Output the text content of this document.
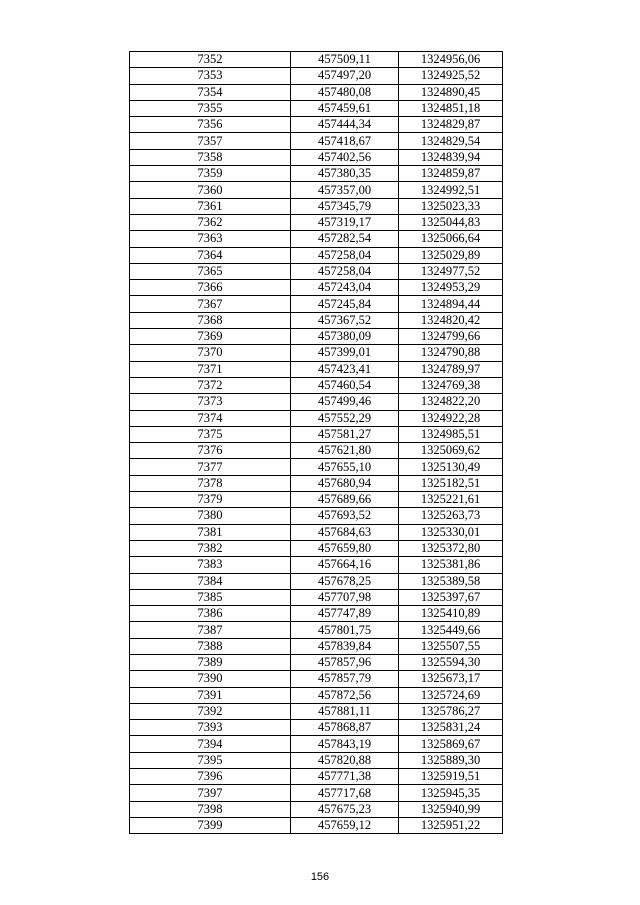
7352	457509,11	1324956,06
7353	457497,20	1324925,52
7354	457480,08	1324890,45
7355	457459,61	1324851,18
7356	457444,34	1324829,87
7357	457418,67	1324829,54
7358	457402,56	1324839,94
7359	457380,35	1324859,87
7360	457357,00	1324992,51
7361	457345,79	1325023,33
7362	457319,17	1325044,83
7363	457282,54	1325066,64
7364	457258,04	1325029,89
7365	457258,04	1324977,52
7366	457243,04	1324953,29
7367	457245,84	1324894,44
7368	457367,52	1324820,42
7369	457380,09	1324799,66
7370	457399,01	1324790,88
7371	457423,41	1324789,97
7372	457460,54	1324769,38
7373	457499,46	1324822,20
7374	457552,29	1324922,28
7375	457581,27	1324985,51
7376	457621,80	1325069,62
7377	457655,10	1325130,49
7378	457680,94	1325182,51
7379	457689,66	1325221,61
7380	457693,52	1325263,73
7381	457684,63	1325330,01
7382	457659,80	1325372,80
7383	457664,16	1325381,86
7384	457678,25	1325389,58
7385	457707,98	1325397,67
7386	457747,89	1325410,89
7387	457801,75	1325449,66
7388	457839,84	1325507,55
7389	457857,96	1325594,30
7390	457857,79	1325673,17
7391	457872,56	1325724,69
7392	457881,11	1325786,27
7393	457868,87	1325831,24
7394	457843,19	1325869,67
7395	457820,88	1325889,30
7396	457771,38	1325919,51
7397	457717,68	1325945,35
7398	457675,23	1325940,99
7399	457659,12	1325951,22
156
